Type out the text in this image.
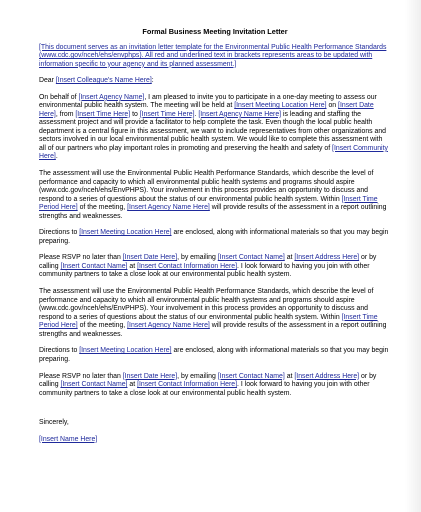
Formal Business Meeting Invitation Letter

[This document serves as an invitation letter template for the Environmental Public Health Performance Standards (www.cdc.gov/nceh/ehs/envphps). All red and underlined text in brackets represents areas to be updated with information specific to your agency and its planned assessment.]

Dear [Insert Colleague's Name Here]:

On behalf of [Insert Agency Name], I am pleased to invite you to participate in a one-day meeting to assess our environmental public health system. The meeting will be held at [Insert Meeting Location Here] on [Insert Date Here], from [Insert Time Here] to [Insert Time Here]. [Insert Agency Name Here] is leading and staffing the assessment project and will provide a facilitator to help complete the task. Even though the local public health department is a central figure in this assessment, we want to include representatives from other organizations and sectors involved in our local environmental public health system. We would like to complete this assessment with all of our partners who play important roles in promoting and preserving the health and safety of [Insert Community Here].

The assessment will use the Environmental Public Health Performance Standards, which describe the level of performance and capacity to which all environmental public health systems and programs should aspire (www.cdc.gov/nceh/ehs/EnvPHPS). Your involvement in this process provides an opportunity to discuss and respond to a series of questions about the status of our environmental public health system. Within [Insert Time Period Here] of the meeting, [Insert Agency Name Here] will provide results of the assessment in a report outlining strengths and weaknesses.

Directions to [Insert Meeting Location Here] are enclosed, along with informational materials so that you may begin preparing.

Please RSVP no later than [Insert Date Here], by emailing [Insert Contact Name] at [Insert Address Here] or by calling [Insert Contact Name] at [Insert Contact Information Here]. I look forward to having you join with other community partners to take a close look at our environmental public health system.

The assessment will use the Environmental Public Health Performance Standards, which describe the level of performance and capacity to which all environmental public health systems and programs should aspire (www.cdc.gov/nceh/ehs/EnvPHPS). Your involvement in this process provides an opportunity to discuss and respond to a series of questions about the status of our environmental public health system. Within [Insert Time Period Here] of the meeting, [Insert Agency Name Here] will provide results of the assessment in a report outlining strengths and weaknesses.

Directions to [Insert Meeting Location Here] are enclosed, along with informational materials so that you may begin preparing.

Please RSVP no later than [Insert Date Here], by emailing [Insert Contact Name] at [Insert Address Here] or by calling [Insert Contact Name] at [Insert Contact Information Here]. I look forward to having you join with other community partners to take a close look at our environmental public health system.

Sincerely,

[Insert Name Here]
